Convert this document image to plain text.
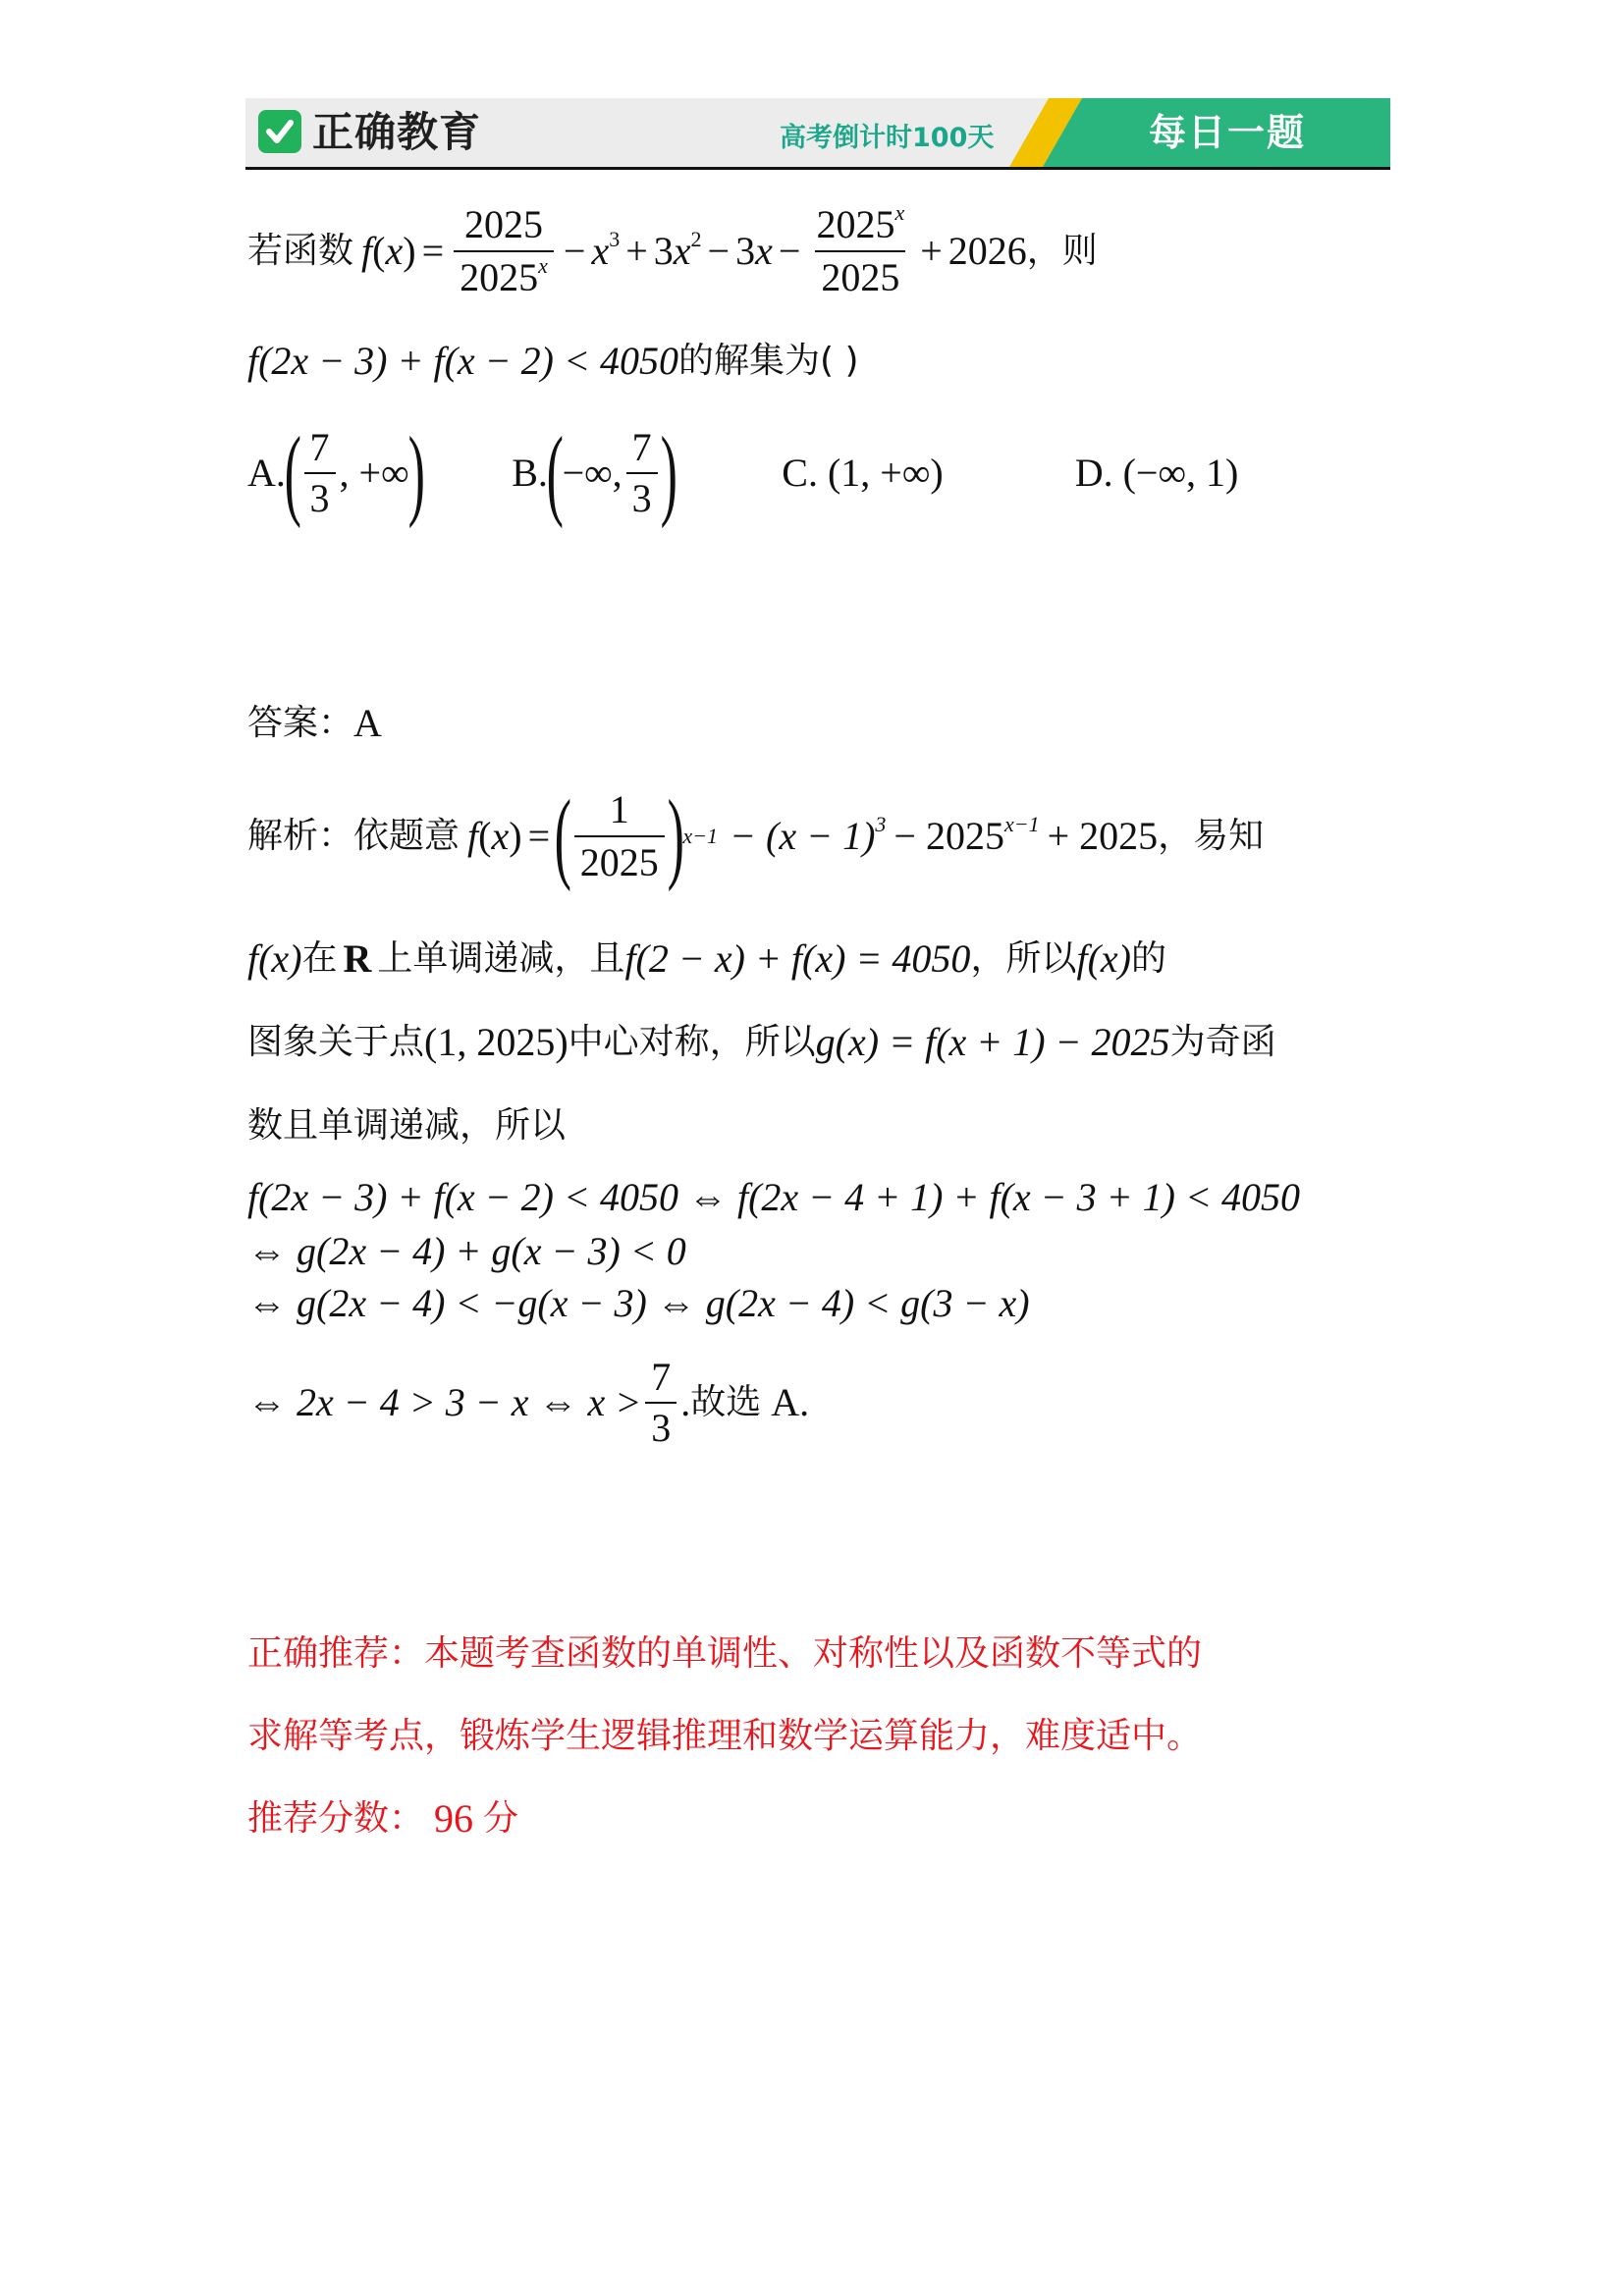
正确教育	高考倒计时100天	每日一题
若函数 $f(x) = \frac{2025}{2025^x} - x^3 + 3x^2 - 3x - \frac{2025^x}{2025} + 2026$ ，则
f(2x − 3) + f(x − 2) < 4050 的解集为( )
A.
( $\frac{7}{3}$ , +∞
) B.
(
−∞, $\frac{7}{3}$ )	C. (1, +∞)	D. (−∞, 1)
答案： A
解析：依题意 f(x) = ( $\frac{1}{2025}$ )
$x-1 - (x - 1)^3 - 2025^{x-1} + 2025$ ，易知
f(x) 在 R 上单调递减，且 f(2 − x) + f(x) = 4050 ，所以 f(x) 的
图象关于点 (1, 2025) 中心对称，所以 g(x) = f(x + 1) − 2025 为奇函
数且单调递减，所以
f(2x − 3) + f(x − 2) < 4050 ⇔ f(2x − 4 + 1) + f(x − 3 + 1) < 4050
⇔ g(2x − 4) + g(x − 3) < 0
⇔ g(2x − 4) < −g(x − 3) ⇔ g(2x − 4) < g(3 − x)
⇔ 2x − 4 > 3 − x ⇔ $x > \frac{7}{3}$ . 故选 A.
正确推荐：本题考查函数的单调性、对称性以及函数不等式的
求解等考点，锻炼学生逻辑推理和数学运算能力，难度适中。
推荐分数： 96 分
